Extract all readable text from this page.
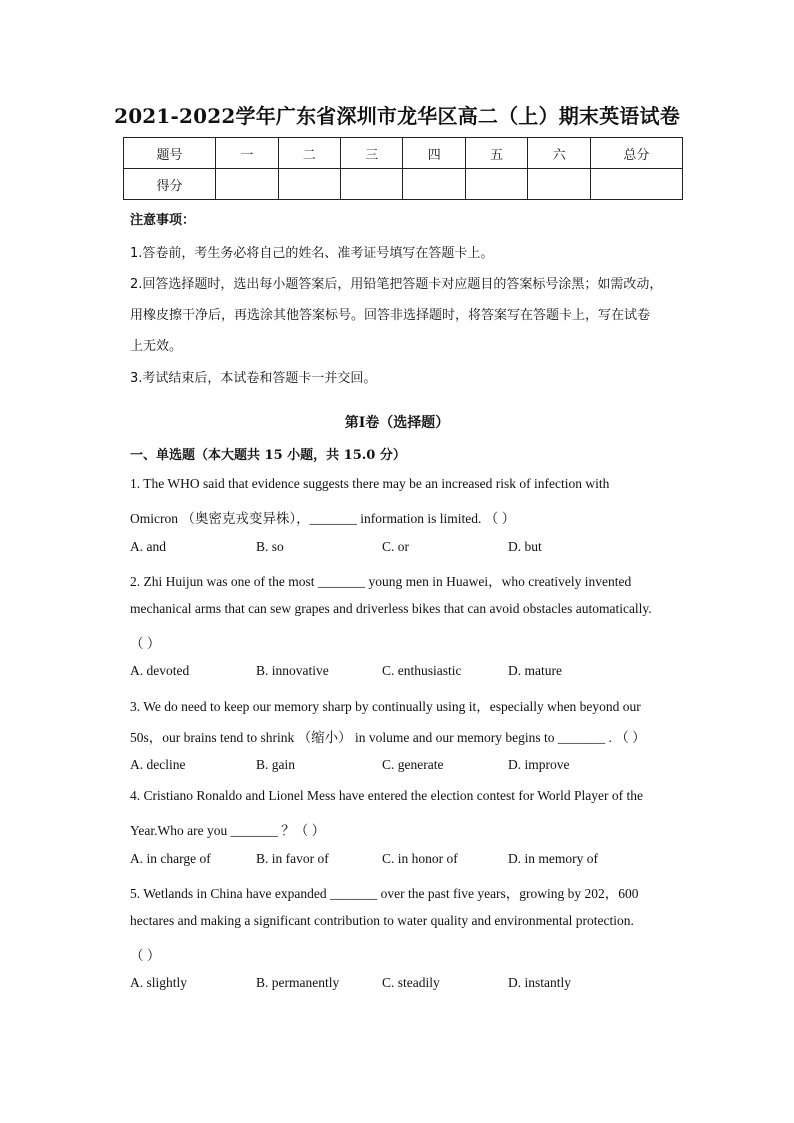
2021-2022学年广东省深圳市龙华区高二（上）期末英语试卷
题号	一	二	三	四	五	六	总分
得分							
注意事项：
1.答卷前，考生务必将自己的姓名、准考证号填写在答题卡上。
2.回答选择题时，选出每小题答案后，用铅笔把答题卡对应题目的答案标号涂黑；如需改动，
用橡皮擦干净后，再选涂其他答案标号。回答非选择题时，将答案写在答题卡上，写在试卷
上无效。
3.考试结束后，本试卷和答题卡一并交回。
第Ⅰ卷（选择题）
一、单选题（本大题共 15 小题，共 15.0 分）
1. The WHO said that evidence suggests there may be an increased risk of infection with
Omicron （奥密克戎变异株），_______ information is limited. （ ）
A. and	B. so	C. or	D. but
2. Zhi Huijun was one of the most _______ young men in Huawei，who creatively invented
mechanical arms that can sew grapes and driverless bikes that can avoid obstacles automatically.
（ ）
A. devoted	B. innovative	C. enthusiastic	D. mature
3. We do need to keep our memory sharp by continually using it，especially when beyond our
50s，our brains tend to shrink （缩小） in volume and our memory begins to _______ . （ ）
A. decline	B. gain	C. generate	D. improve
4. Cristiano Ronaldo and Lionel Mess have entered the election contest for World Player of the
Year.Who are you _______ ？（ ）
A. in charge of	B. in favor of	C. in honor of	D. in memory of
5. Wetlands in China have expanded _______ over the past five years，growing by 202，600
hectares and making a significant contribution to water quality and environmental protection.
（ ）
A. slightly	B. permanently	C. steadily	D. instantly
